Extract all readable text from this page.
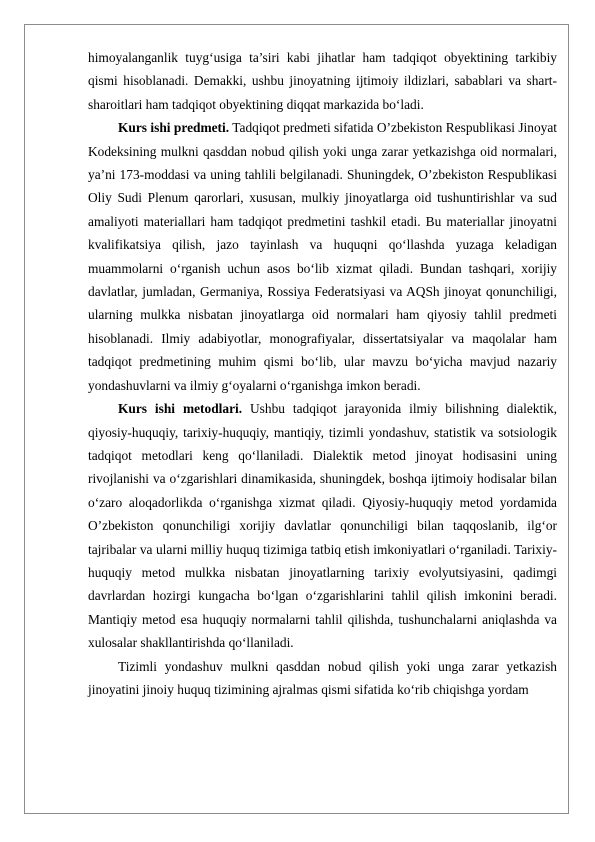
himoyalanganlik tuyg‘usiga ta’siri kabi jihatlar ham tadqiqot obyektining tarkibiy qismi hisoblanadi. Demakki, ushbu jinoyatning ijtimoiy ildizlari, sabablari va shart-sharoitlari ham tadqiqot obyektining diqqat markazida bo‘ladi.

Kurs ishi predmeti. Tadqiqot predmeti sifatida O’zbekiston Respublikasi Jinoyat Kodeksining mulkni qasddan nobud qilish yoki unga zarar yetkazishga oid normalari, ya’ni 173-moddasi va uning tahlili belgilanadi. Shuningdek, O’zbekiston Respublikasi Oliy Sudi Plenum qarorlari, xususan, mulkiy jinoyatlarga oid tushuntirishlar va sud amaliyoti materiallari ham tadqiqot predmetini tashkil etadi. Bu materiallar jinoyatni kvalifikatsiya qilish, jazo tayinlash va huquqni qo‘llashda yuzaga keladigan muammolarni o‘rganish uchun asos bo‘lib xizmat qiladi. Bundan tashqari, xorijiy davlatlar, jumladan, Germaniya, Rossiya Federatsiyasi va AQSh jinoyat qonunchiligi, ularning mulkka nisbatan jinoyatlarga oid normalari ham qiyosiy tahlil predmeti hisoblanadi. Ilmiy adabiyotlar, monografiyalar, dissertatsiyalar va maqolalar ham tadqiqot predmetining muhim qismi bo‘lib, ular mavzu bo‘yicha mavjud nazariy yondashuvlarni va ilmiy g‘oyalarni o‘rganishga imkon beradi.

Kurs ishi metodlari. Ushbu tadqiqot jarayonida ilmiy bilishning dialektik, qiyosiy-huquqiy, tarixiy-huquqiy, mantiqiy, tizimli yondashuv, statistik va sotsiologik tadqiqot metodlari keng qo‘llaniladi. Dialektik metod jinoyat hodisasini uning rivojlanishi va o‘zgarishlari dinamikasida, shuningdek, boshqa ijtimoiy hodisalar bilan o‘zaro aloqadorlikda o‘rganishga xizmat qiladi. Qiyosiy-huquqiy metod yordamida O’zbekiston qonunchiligi xorijiy davlatlar qonunchiligi bilan taqqoslanib, ilg‘or tajribalar va ularni milliy huquq tizimiga tatbiq etish imkoniyatlari o‘rganiladi. Tarixiy-huquqiy metod mulkka nisbatan jinoyatlarning tarixiy evolyutsiyasini, qadimgi davrlardan hozirgi kungacha bo‘lgan o‘zgarishlarini tahlil qilish imkonini beradi. Mantiqiy metod esa huquqiy normalarni tahlil qilishda, tushunchalarni aniqlashda va xulosalar shakllantirishda qo‘llaniladi.

Tizimli yondashuv mulkni qasddan nobud qilish yoki unga zarar yetkazish jinoyatini jinoiy huquq tizimining ajralmas qismi sifatida ko‘rib chiqishga yordam
